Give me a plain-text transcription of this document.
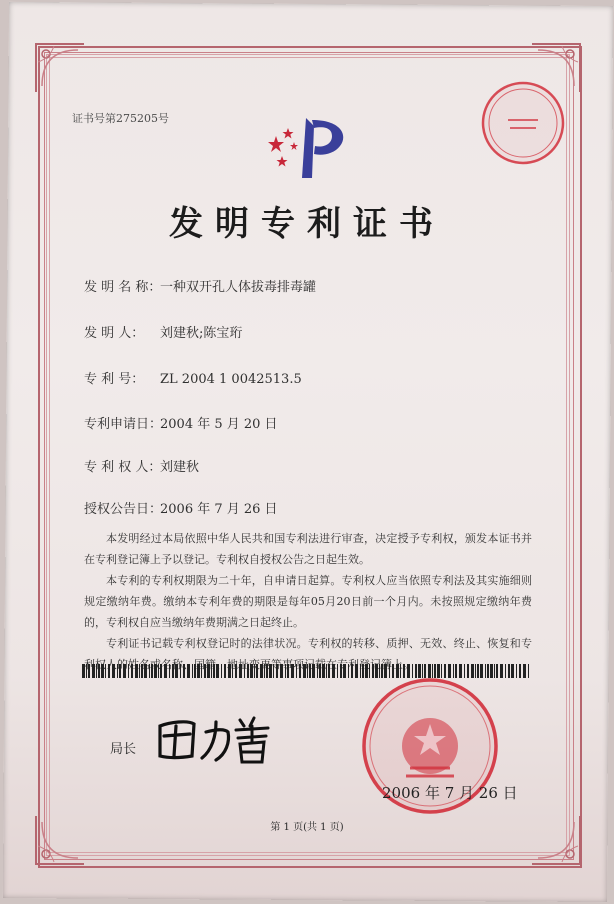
证书号第275205号
发明专利证书
发 明 名 称：一种双开孔人体拔毒排毒罐
发 明 人： 刘建秋;陈宝珩
专 利 号： ZL 2004 1 0042513.5
专利申请日：2004 年 5 月 20 日
专 利 权 人：刘建秋
授权公告日：2006 年 7 月 26 日

本发明经过本局依照中华人民共和国专利法进行审查，决定授予专利权，颁发本证书并在专利登记簿上予以登记。专利权自授权公告之日起生效。

本专利的专利权期限为二十年，自申请日起算。专利权人应当依照专利法及其实施细则规定缴纳年费。缴纳本专利年费的期限是每年05月20日前一个月内。未按照规定缴纳年费的，专利权自应当缴纳年费期满之日起终止。

专利证书记载专利权登记时的法律状况。专利权的转移、质押、无效、终止、恢复和专 权人的姓名 称、国籍、地址变更 项 载在专利登记簿上。

局长
2006 年 7 月 26 日
第 1 页(共 1 页)
